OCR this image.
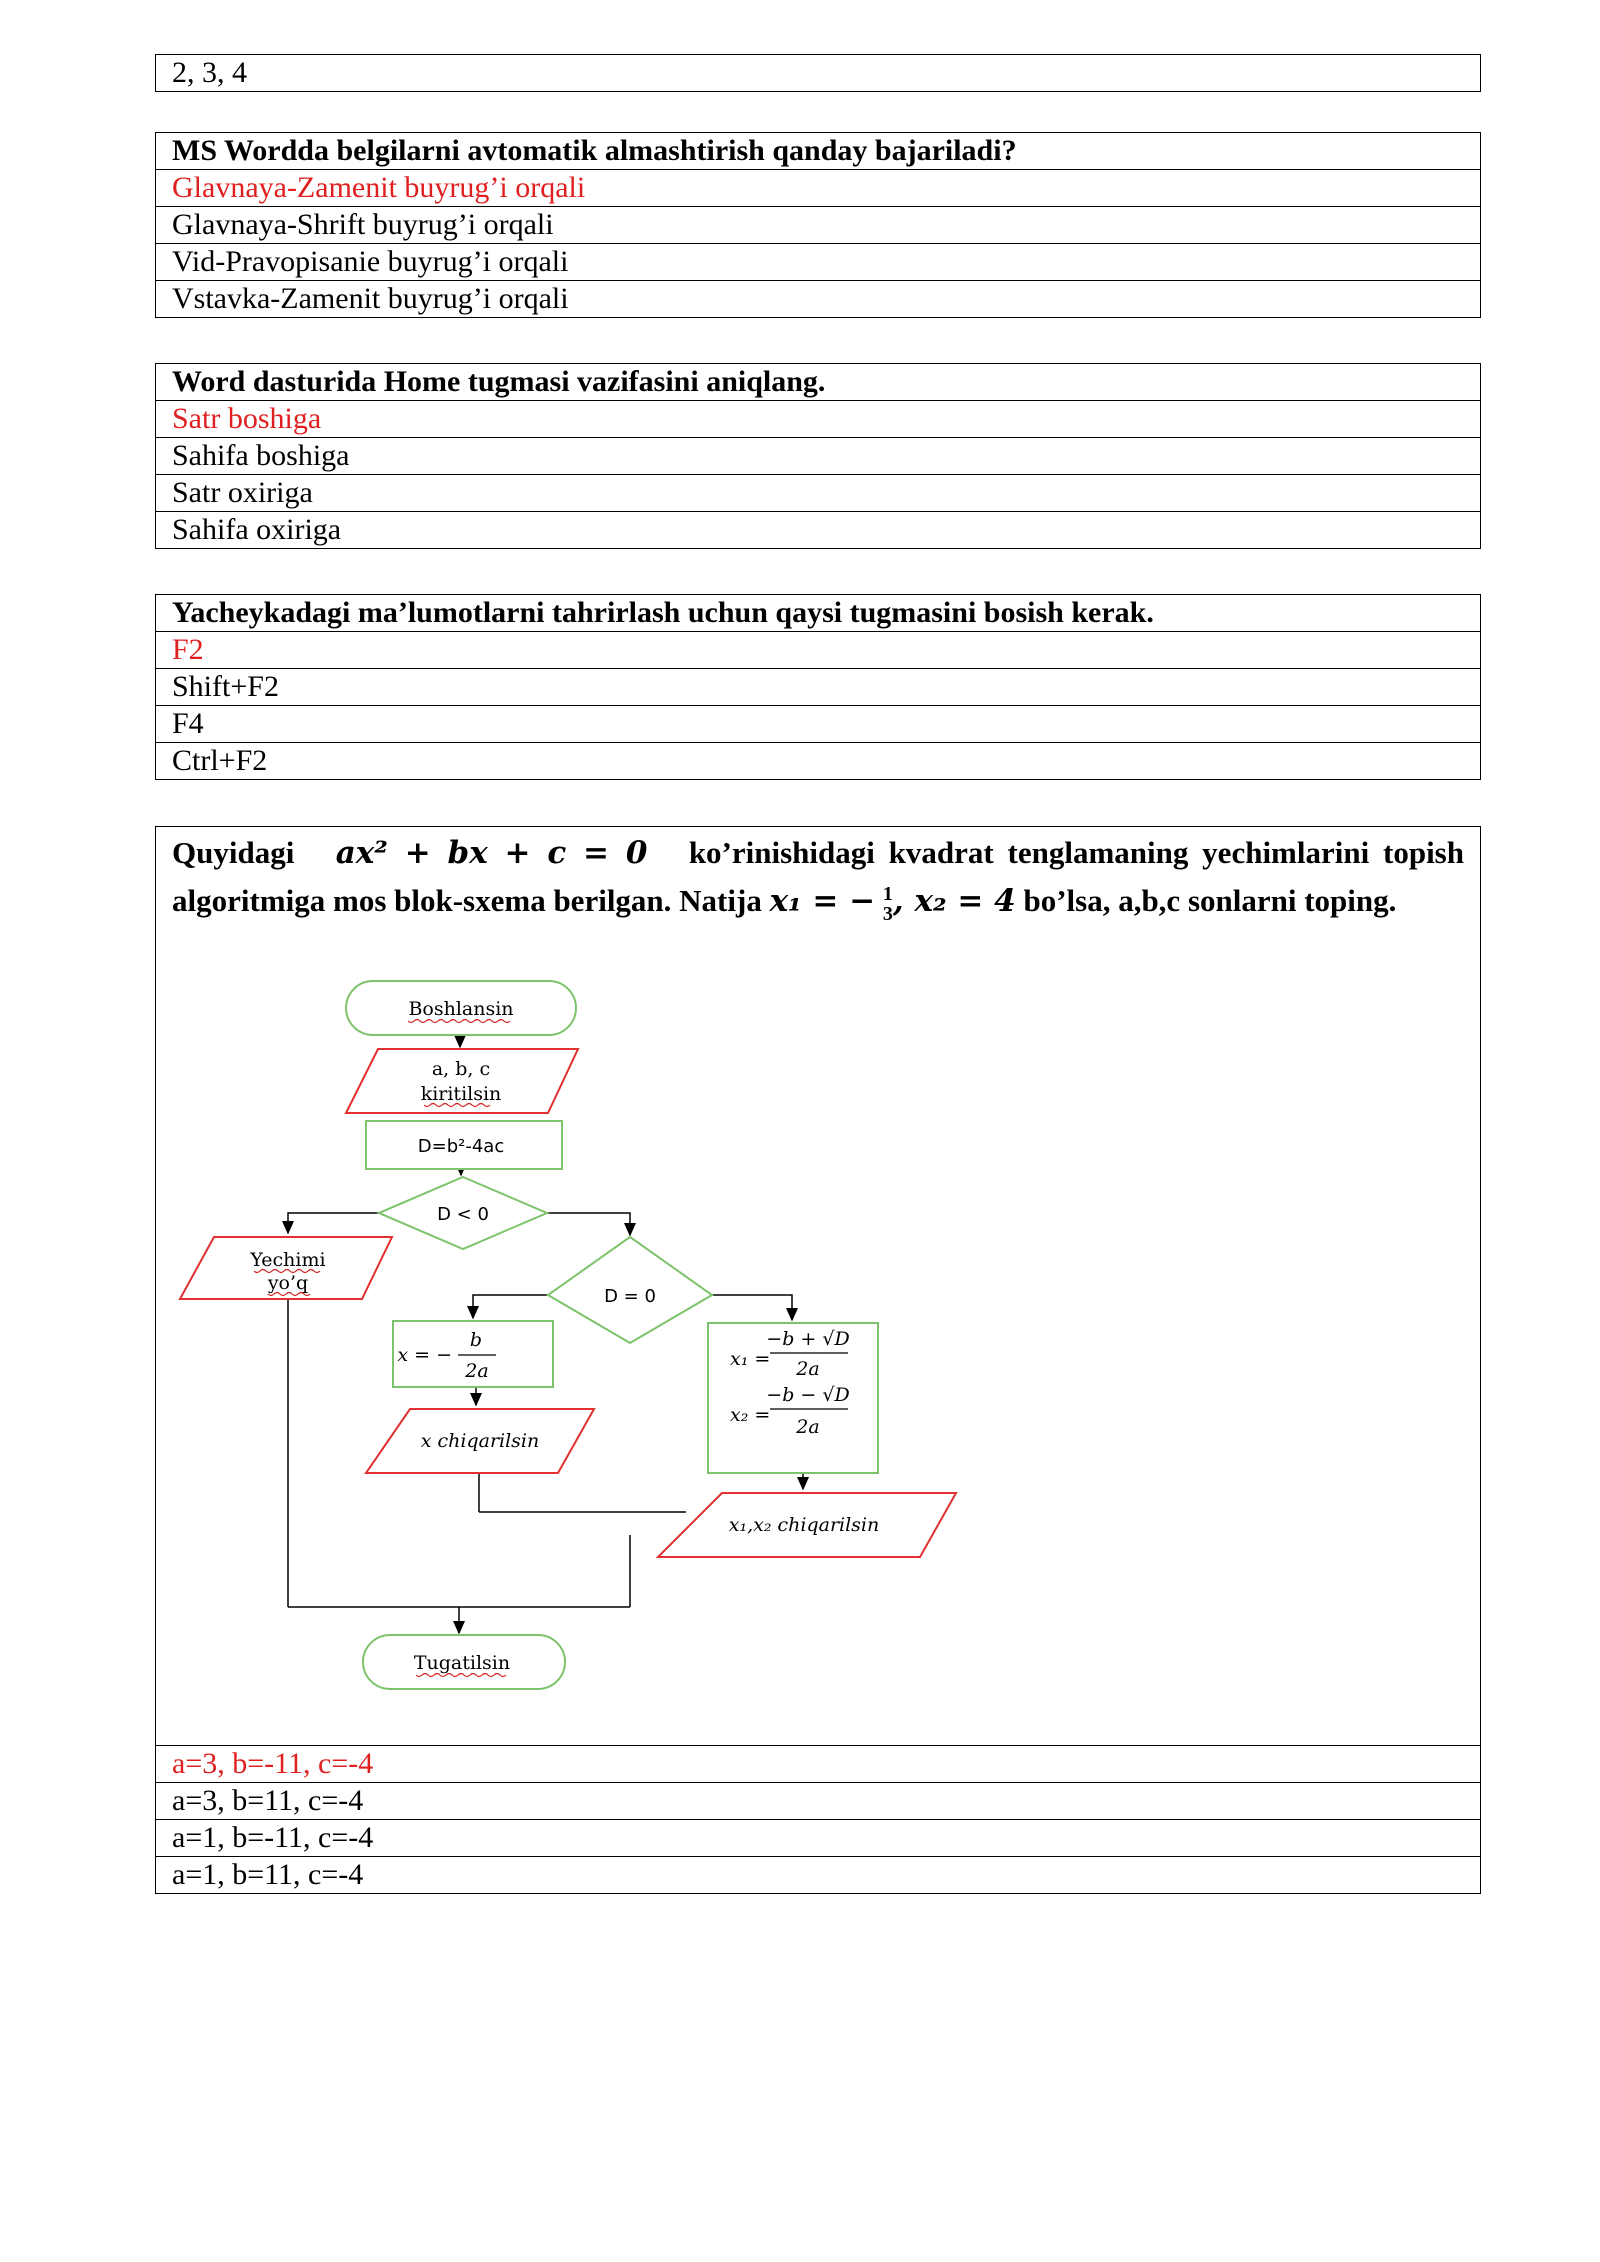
2, 3, 4
MS Wordda belgilarni avtomatik almashtirish qanday bajariladi?
Glavnaya-Zamenit buyrug’i orqali
Glavnaya-Shrift buyrug’i orqali
Vid-Pravopisanie buyrug’i orqali
Vstavka-Zamenit buyrug’i orqali
Word dasturida Home tugmasi vazifasini aniqlang.
Satr boshiga
Sahifa boshiga
Satr oxiriga
Sahifa oxiriga
Yacheykadagi ma’lumotlarni tahrirlash uchun qaysi tugmasini bosish kerak.
F2
Shift+F2
F4
Ctrl+F2
Quyidagi ax² + bx + c = 0 ko’rinishidagi kvadrat tenglamaning yechimlarini topish algoritmiga mos blok-sxema berilgan. Natija x₁ = − 1
3, x₂ = 4 bo’lsa, a,b,c sonlarni toping.
Boshlansin
a, b, c
kiritilsin
D=b²-4ac
D < 0
Yechimi
yo’q
D = 0
x = −
b
2a
x₁ =
−b + √D
2a
x₂ =
−b − √D
2a
x chiqarilsin
x₁,x₂ chiqarilsin
Tugatilsin

a=3, b=-11, c=-4
a=3, b=11, c=-4
a=1, b=-11, c=-4
a=1, b=11, c=-4
